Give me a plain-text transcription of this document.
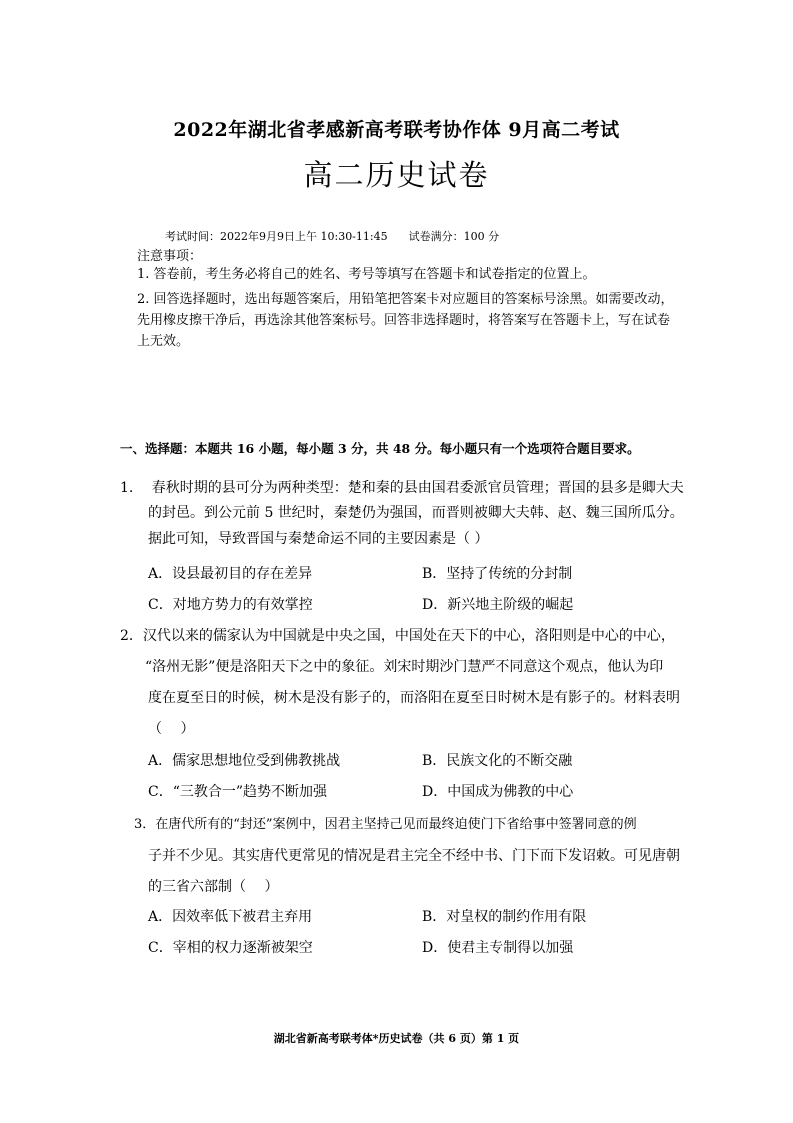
2022年湖北省孝感新高考联考协作体 9月高二考试
高二历史试卷
考试时间：2022年9月9日上午 10:30-11:45 试卷满分：100 分
注意事项：
1. 答卷前，考生务必将自己的姓名、考号等填写在答题卡和试卷指定的位置上。
2. 回答选择题时，选出每题答案后，用铅笔把答案卡对应题目的答案标号涂黑。如需要改动，先用橡皮擦干净后，再选涂其他答案标号。回答非选择题时，将答案写在答题卡上，写在试卷上无效。
一、选择题：本题共 16 小题，每小题 3 分，共 48 分。每小题只有一个选项符合题目要求。
1.　 春秋时期的县可分为两种类型：楚和秦的县由国君委派官员管理；晋国的县多是卿大夫
的封邑。到公元前 5 世纪时，秦楚仍为强国，而晋则被卿大夫韩、赵、魏三国所瓜分。
据此可知，导致晋国与秦楚命运不同的主要因素是（ ）
A．设县最初目的存在差异	B．坚持了传统的分封制
C．对地方势力的有效掌控	D．新兴地主阶级的崛起
2．汉代以来的儒家认为中国就是中央之国，中国处在天下的中心，洛阳则是中心的中心，
“洛州无影”便是洛阳天下之中的象征。刘宋时期沙门慧严不同意这个观点，他认为印
度在夏至日的时候，树木是没有影子的，而洛阳在夏至日时树木是有影子的。材料表明
（　 ）
A．儒家思想地位受到佛教挑战	B．民族文化的不断交融
C．“三教合一”趋势不断加强	D．中国成为佛教的中心
3．在唐代所有的“封还”案例中，因君主坚持己见而最终迫使门下省给事中签署同意的例
子并不少见。其实唐代更常见的情况是君主完全不经中书、门下而下发诏敕。可见唐朝
的三省六部制（　 ）
A．因效率低下被君主弃用	B．对皇权的制约作用有限
C．宰相的权力逐渐被架空	D．使君主专制得以加强
湖北省新高考联考体*历史试卷（共 6 页）第 1 页
